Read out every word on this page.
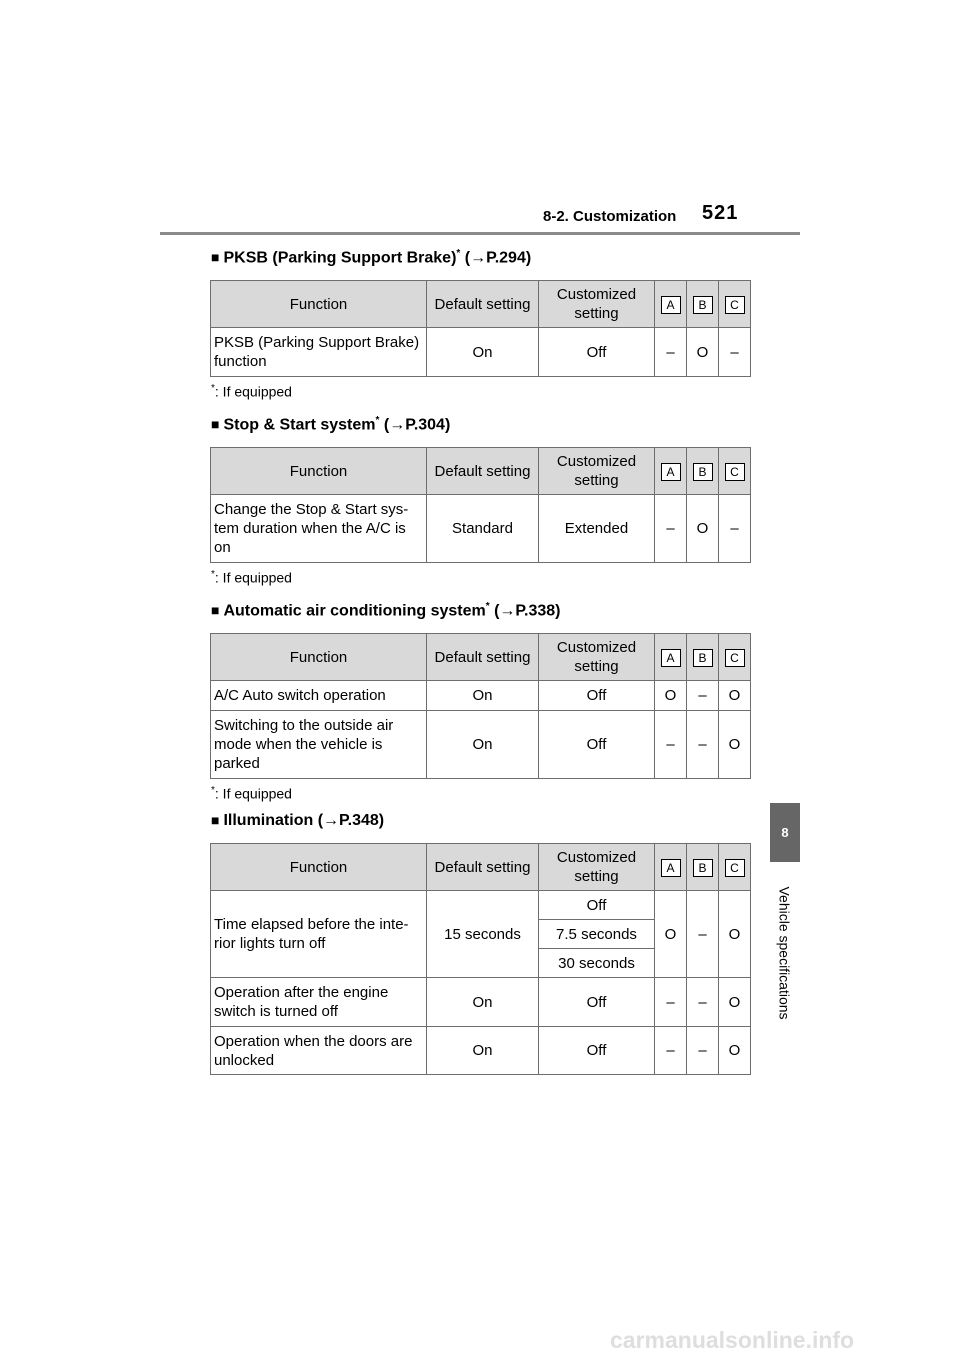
8-2. Customization 521
8
Vehicle specifications
■ PKSB (Parking Support Brake)* (→P.294)
Function	Default setting	Customized setting	A	B	C
PKSB (Parking Support Brake) function	On	Off	–	O	–
*: If equipped
■ Stop & Start system* (→P.304)
Function	Default setting	Customized setting	A	B	C
Change the Stop & Start sys-tem duration when the A/C is on	Standard	Extended	–	O	–
*: If equipped
■ Automatic air conditioning system* (→P.338)
Function	Default setting	Customized setting	A	B	C
A/C Auto switch operation	On	Off	O	–	O
Switching to the outside air mode when the vehicle is parked	On	Off	–	–	O
*: If equipped
■ Illumination (→P.348)
Function	Default setting	Customized setting	A	B	C
Time elapsed before the inte-rior lights turn off	15 seconds	Off	O	–	O
		7.5 seconds			
		30 seconds			
Operation after the engine switch is turned off	On	Off	–	–	O
Operation when the doors are unlocked	On	Off	–	–	O
carmanualsonline.info
